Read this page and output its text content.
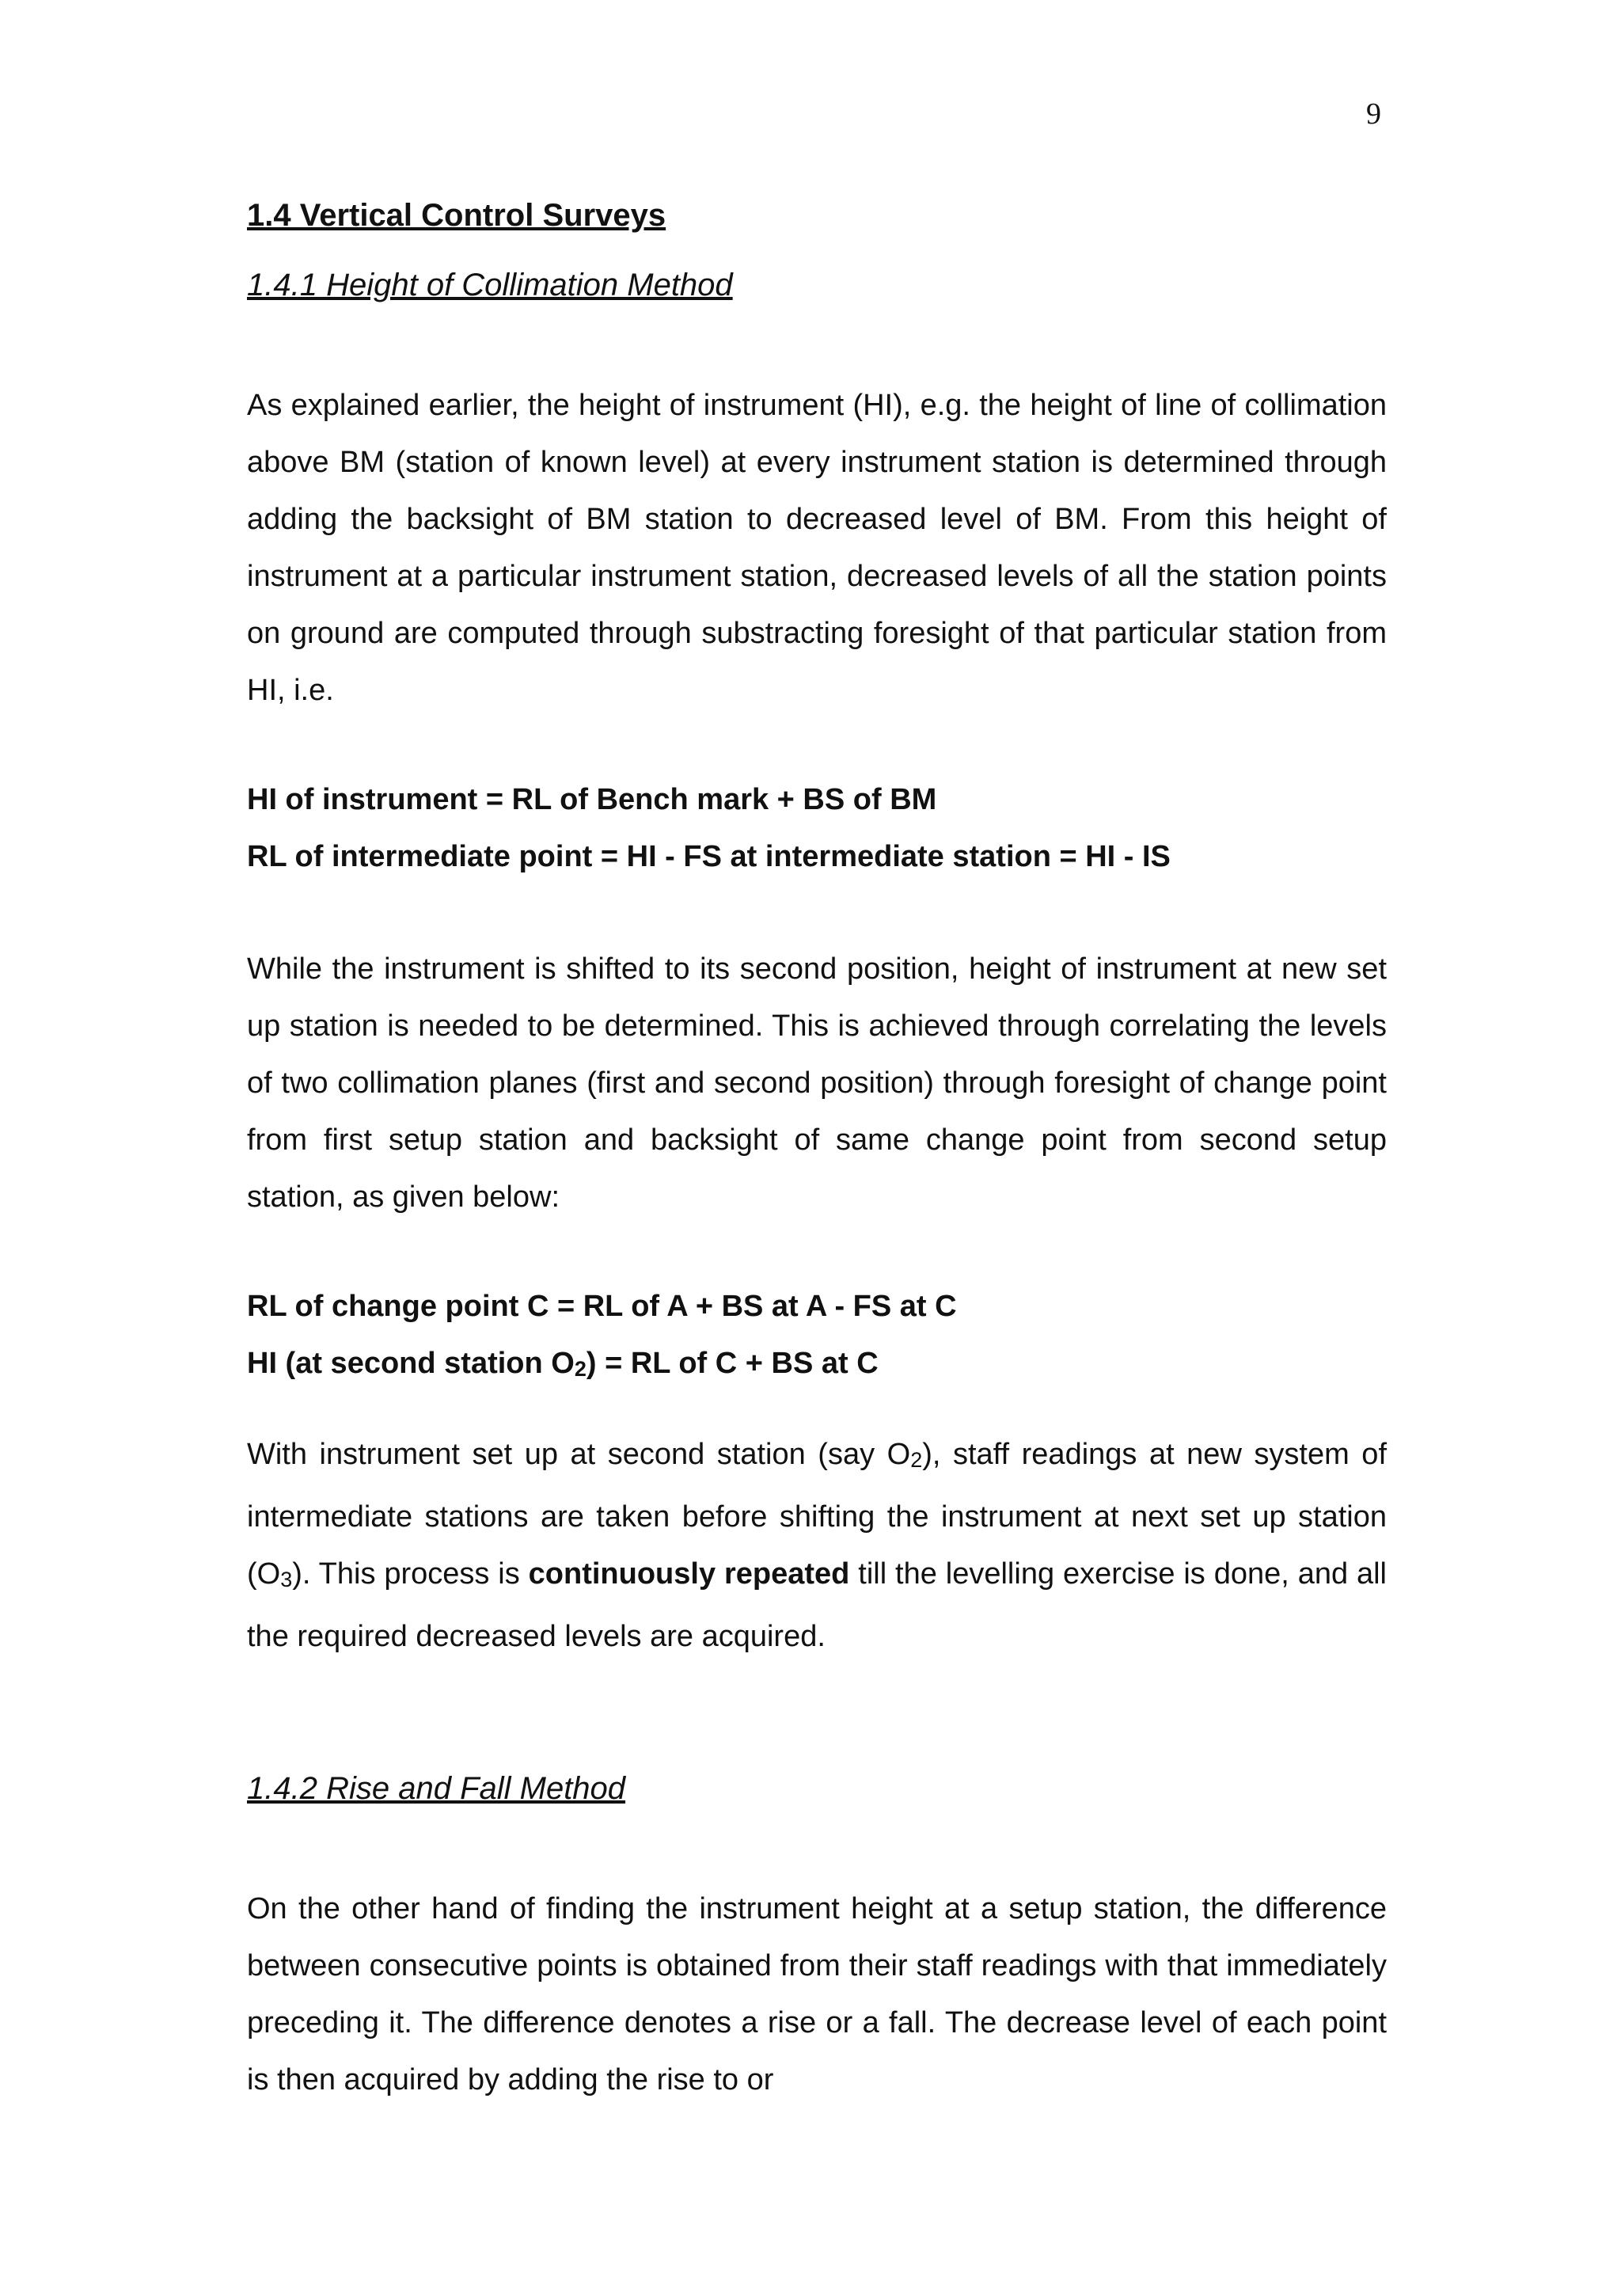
9
1.4 Vertical Control Surveys
1.4.1 Height of Collimation Method

As explained earlier, the height of instrument (HI), e.g. the height of line of collimation above BM (station of known level) at every instrument station is determined through adding the backsight of BM station to decreased level of BM. From this height of instrument at a particular instrument station, decreased levels of all the station points on ground are computed through substracting foresight of that particular station from HI, i.e.

HI of instrument = RL of Bench mark + BS of BM

RL of intermediate point = HI - FS at intermediate station = HI - IS

While the instrument is shifted to its second position, height of instrument at new set up station is needed to be determined. This is achieved through correlating the levels of two collimation planes (first and second position) through foresight of change point from first setup station and backsight of same change point from second setup station, as given below:

RL of change point C = RL of A + BS at A - FS at C

HI (at second station O2) = RL of C + BS at C

With instrument set up at second station (say O2), staff readings at new system of intermediate stations are taken before shifting the instrument at next set up station (O3). This process is continuously repeated till the levelling exercise is done, and all the required decreased levels are acquired.

1.4.2 Rise and Fall Method

On the other hand of finding the instrument height at a setup station, the difference between consecutive points is obtained from their staff readings with that immediately preceding it. The difference denotes a rise or a fall. The decrease level of each point is then acquired by adding the rise to or
